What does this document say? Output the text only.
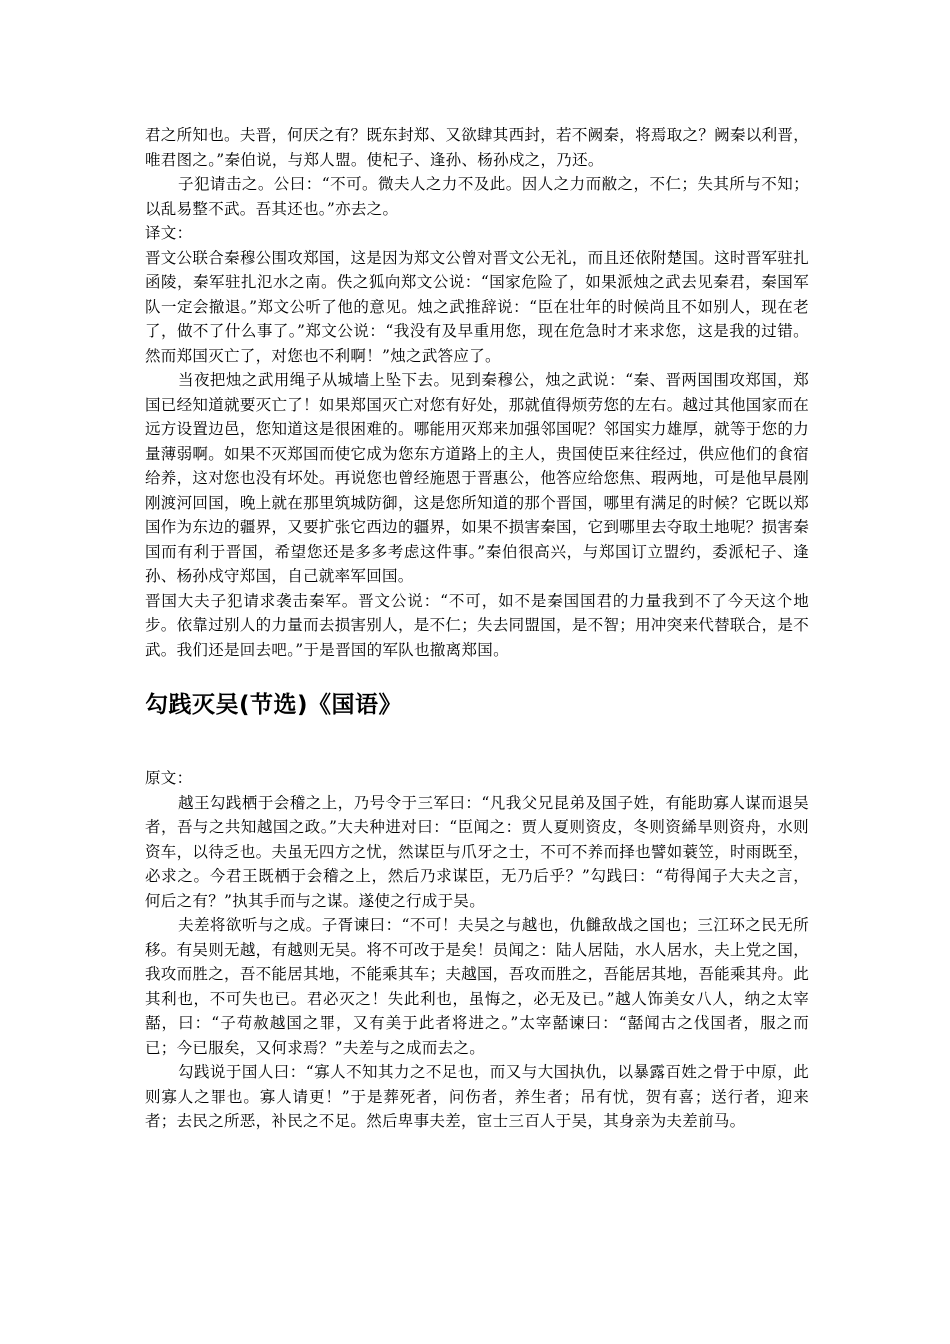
君之所知也。夫晋，何厌之有？既东封郑、又欲肆其西封，若不阙秦，将焉取之？阙秦以利晋，唯君图之。”秦伯说，与郑人盟。使杞子、逢孙、杨孙戍之，乃还。

子犯请击之。公曰：“不可。微夫人之力不及此。因人之力而敝之，不仁；失其所与不知；以乱易整不武。吾其还也。”亦去之。

译文：

晋文公联合秦穆公围攻郑国，这是因为郑文公曾对晋文公无礼，而且还依附楚国。这时晋军驻扎函陵，秦军驻扎氾水之南。佚之狐向郑文公说：“国家危险了，如果派烛之武去见秦君，秦国军队一定会撤退。”郑文公听了他的意见。烛之武推辞说：“臣在壮年的时候尚且不如别人，现在老了，做不了什么事了。”郑文公说：“我没有及早重用您，现在危急时才来求您，这是我的过错。然而郑国灭亡了，对您也不利啊！”烛之武答应了。

当夜把烛之武用绳子从城墙上坠下去。见到秦穆公，烛之武说：“秦、晋两国围攻郑国，郑国已经知道就要灭亡了！如果郑国灭亡对您有好处，那就值得烦劳您的左右。越过其他国家而在远方设置边邑，您知道这是很困难的。哪能用灭郑来加强邻国呢？邻国实力雄厚，就等于您的力量薄弱啊。如果不灭郑国而使它成为您东方道路上的主人，贵国使臣来往经过，供应他们的食宿给养，这对您也没有坏处。再说您也曾经施恩于晋惠公，他答应给您焦、瑕两地，可是他早晨刚刚渡河回国，晚上就在那里筑城防御，这是您所知道的那个晋国，哪里有满足的时候？它既以郑国作为东边的疆界，又要扩张它西边的疆界，如果不损害秦国，它到哪里去夺取土地呢？损害秦国而有利于晋国，希望您还是多多考虑这件事。”秦伯很高兴，与郑国订立盟约，委派杞子、逢孙、杨孙戍守郑国，自己就率军回国。

晋国大夫子犯请求袭击秦军。晋文公说：“不可，如不是秦国国君的力量我到不了今天这个地步。依靠过别人的力量而去损害别人，是不仁；失去同盟国，是不智；用冲突来代替联合，是不武。我们还是回去吧。”于是晋国的军队也撤离郑国。

勾践灭吴(节选)《国语》

原文：

越王勾践栖于会稽之上，乃号令于三军曰：“凡我父兄昆弟及国子姓，有能助寡人谋而退吴者，吾与之共知越国之政。”大夫种进对曰：“臣闻之：贾人夏则资皮，冬则资絺旱则资舟，水则资车，以待乏也。夫虽无四方之忧，然谋臣与爪牙之士，不可不养而择也譬如蓑笠，时雨既至，必求之。今君王既栖于会稽之上，然后乃求谋臣，无乃后乎？”勾践曰：“苟得闻子大夫之言，何后之有？”执其手而与之谋。遂使之行成于吴。

夫差将欲听与之成。子胥谏曰：“不可！夫吴之与越也，仇雠敌战之国也；三江环之民无所移。有吴则无越，有越则无吴。将不可改于是矣！员闻之：陆人居陆，水人居水，夫上党之国，我攻而胜之，吾不能居其地，不能乘其车；夫越国，吾攻而胜之，吾能居其地，吾能乘其舟。此其利也，不可失也已。君必灭之！失此利也，虽悔之，必无及已。”越人饰美女八人，纳之太宰嚭，曰：“子苟赦越国之罪，又有美于此者将进之。”太宰嚭谏曰：“嚭闻古之伐国者，服之而已；今已服矣，又何求焉？”夫差与之成而去之。

勾践说于国人曰：“寡人不知其力之不足也，而又与大国执仇，以暴露百姓之骨于中原，此则寡人之罪也。寡人请更！”于是葬死者，问伤者，养生者；吊有忧，贺有喜；送行者，迎来者；去民之所恶，补民之不足。然后卑事夫差，宦士三百人于吴，其身亲为夫差前马。
